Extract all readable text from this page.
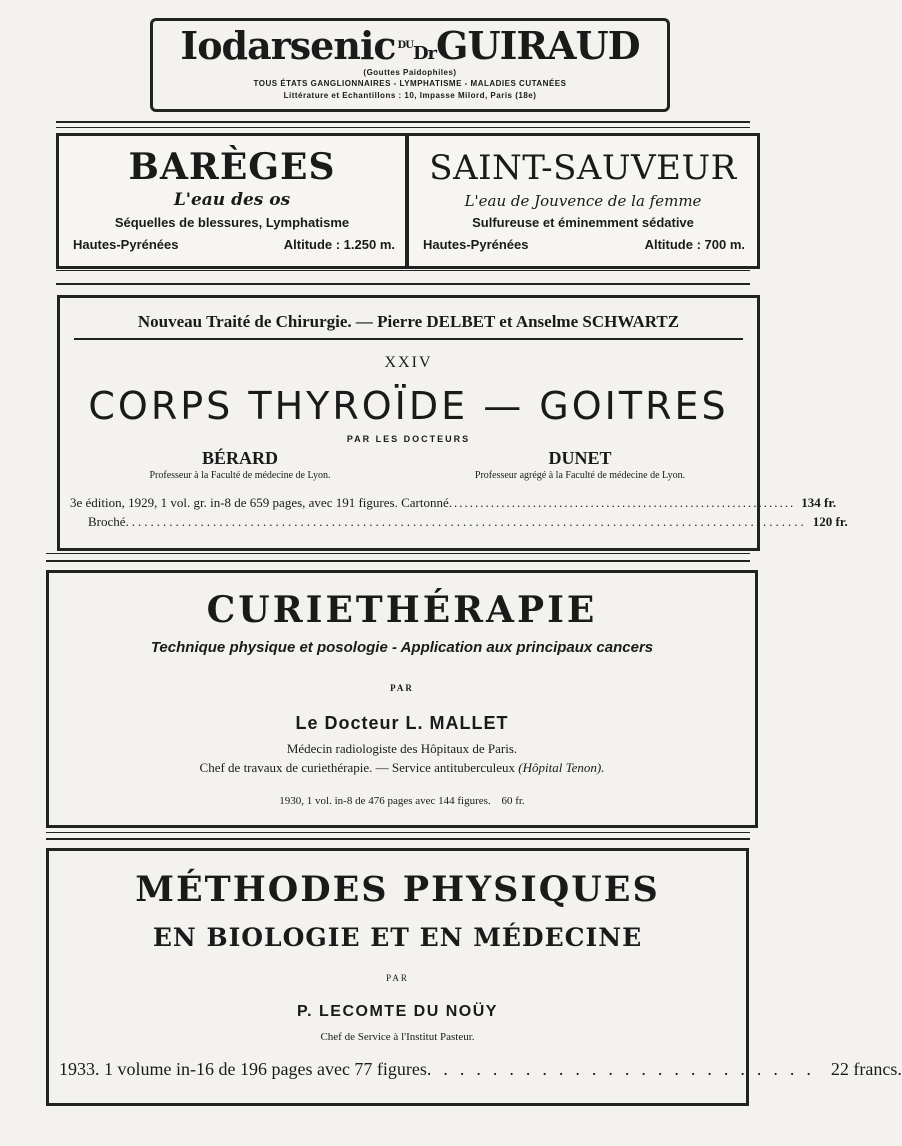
Iodarsenic $^{DU}$DrGUIRAUD
(Gouttes Paidophiles)
TOUS ÉTATS GANGLIONNAIRES - LYMPHATISME - MALADIES CUTANÉES
Littérature et Echantillons : 10, Impasse Milord, Paris (18e)
BARÈGES
L'eau des os
Séquelles de blessures, Lymphatisme
Hautes-Pyrénées	Altitude : 1.250 m.
SAINT-SAUVEUR
L'eau de Jouvence de la femme
Sulfureuse et éminemment sédative
Hautes-Pyrénées	Altitude : 700 m.
Nouveau Traité de Chirurgie. — Pierre DELBET et Anselme SCHWARTZ
XXIV
CORPS THYROÏDE — GOITRES
PAR LES DOCTEURS
BÉRARD
Professeur à la Faculté de médecine de Lyon.
DUNET
Professeur agrégé à la Faculté de médecine de Lyon.
3e édition, 1929, 1 vol. gr. in-8 de 659 pages, avec 191 figures. Cartonné .................................................................. 134 fr.
Broché ............................................................................................................. 120 fr.
CURIETHÉRAPIE
Technique physique et posologie - Application aux principaux cancers
PAR
Le Docteur L. MALLET
Médecin radiologiste des Hôpitaux de Paris.
Chef de travaux de curiethérapie. — Service antituberculeux (Hôpital Tenon).
1930, 1 vol. in-8 de 476 pages avec 144 figures. 60 fr.
MÉTHODES PHYSIQUES
EN BIOLOGIE ET EN MÉDECINE
PAR
P. LECOMTE DU NOÜY
Chef de Service à l'Institut Pasteur.
1933. 1 volume in-16 de 196 pages avec 77 figures ........................ 22 francs.
